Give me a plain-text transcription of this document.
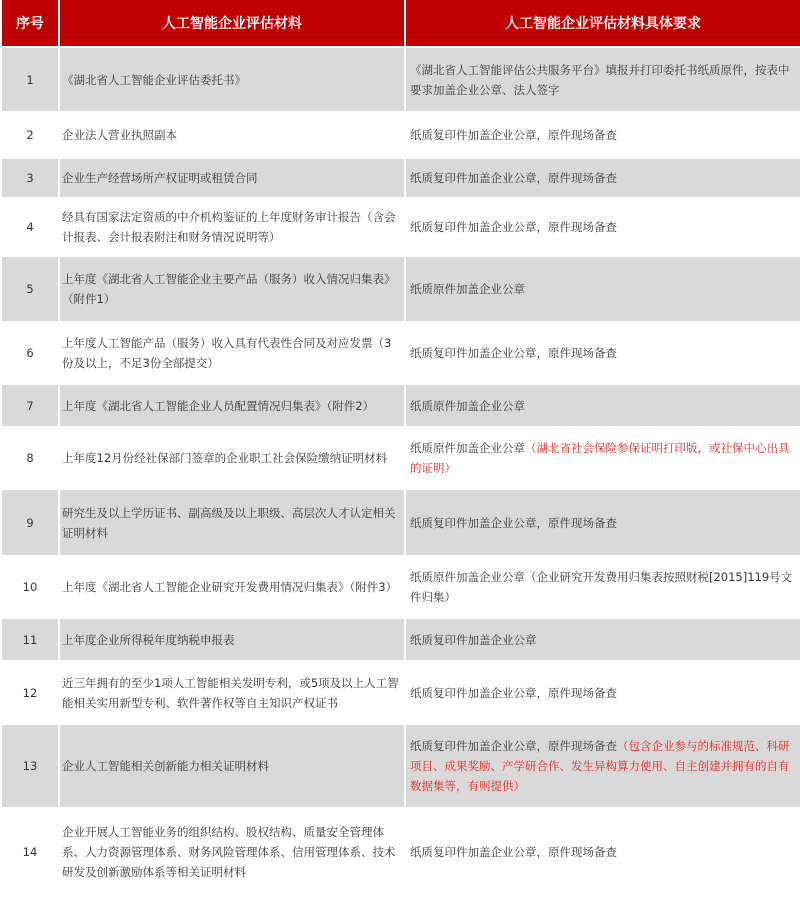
序号	人工智能企业评估材料	人工智能企业评估材料具体要求
1	《湖北省人工智能企业评估委托书》	《湖北省人工智能评估公共服务平台》填报并打印委托书纸质原件，按表中要求加盖企业公章、法人签字
2	企业法人营业执照副本	纸质复印件加盖企业公章，原件现场备查
3	企业生产经营场所产权证明或租赁合同	纸质复印件加盖企业公章，原件现场备查
4	经具有国家法定资质的中介机构鉴证的上年度财务审计报告（含会计报表、会计报表附注和财务情况说明等）	纸质复印件加盖企业公章，原件现场备查
5	上年度《湖北省人工智能企业主要产品（服务）收入情况归集表》（附件1）	纸质原件加盖企业公章
6	上年度人工智能产品（服务）收入具有代表性合同及对应发票（3份及以上，不足3份全部提交）	纸质复印件加盖企业公章，原件现场备查
7	上年度《湖北省人工智能企业人员配置情况归集表》（附件2）	纸质原件加盖企业公章
8	上年度12月份经社保部门签章的企业职工社会保险缴纳证明材料	纸质原件加盖企业公章（湖北省社会保险参保证明打印版，或社保中心出具的证明）
9	研究生及以上学历证书、副高级及以上职级、高层次人才认定相关证明材料	纸质复印件加盖企业公章，原件现场备查
10	上年度《湖北省人工智能企业研究开发费用情况归集表》（附件3）	纸质原件加盖企业公章（企业研究开发费用归集表按照财税[2015]119号文件归集）
11	上年度企业所得税年度纳税申报表	纸质复印件加盖企业公章
12	近三年拥有的至少1项人工智能相关发明专利，或5项及以上人工智能相关实用新型专利、软件著作权等自主知识产权证书	纸质复印件加盖企业公章，原件现场备查
13	企业人工智能相关创新能力相关证明材料	纸质复印件加盖企业公章，原件现场备查（包含企业参与的标准规范、科研项目、成果奖励、产学研合作、发生异构算力使用、自主创建并拥有的自有数据集等，有则提供）
14	企业开展人工智能业务的组织结构、股权结构、质量安全管理体系、人力资源管理体系、财务风险管理体系、信用管理体系、技术研发及创新激励体系等相关证明材料	纸质复印件加盖企业公章，原件现场备查
